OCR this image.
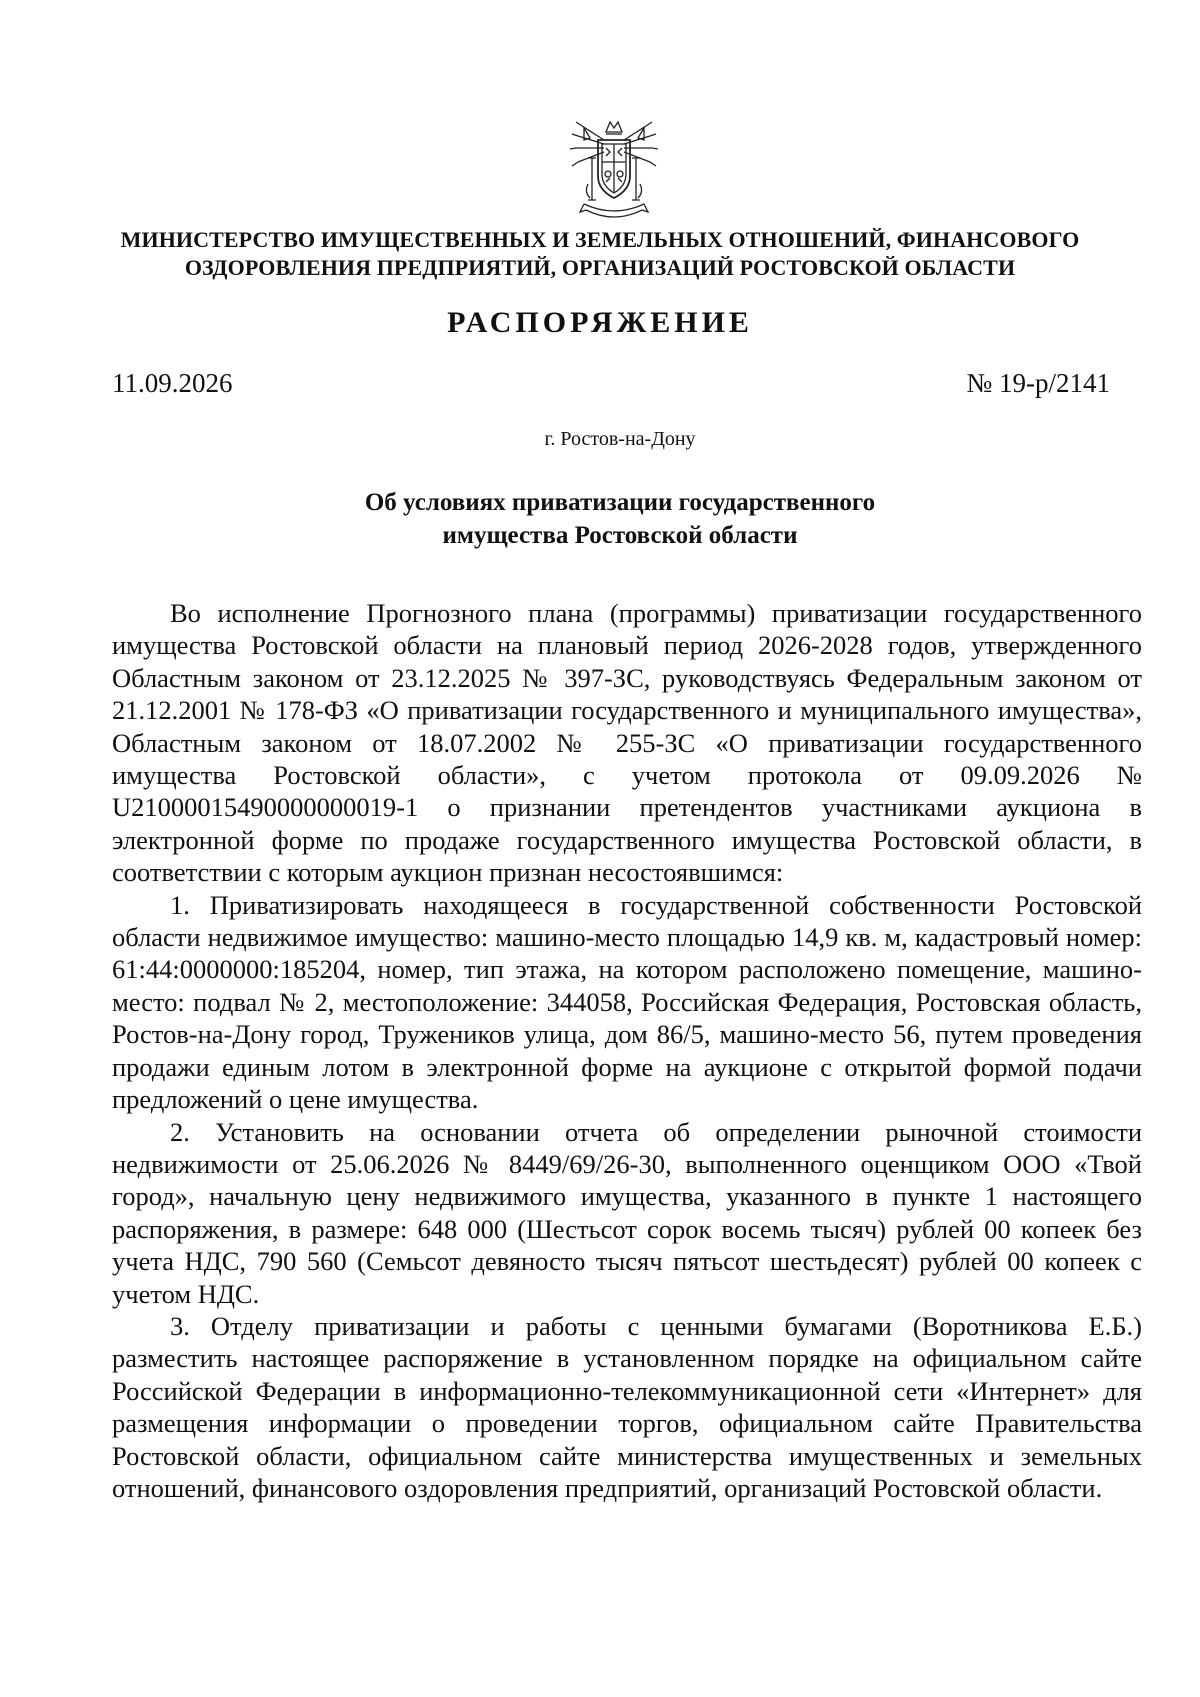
МИНИСТЕРСТВО ИМУЩЕСТВЕННЫХ И ЗЕМЕЛЬНЫХ ОТНОШЕНИЙ, ФИНАНСОВОГО
ОЗДОРОВЛЕНИЯ ПРЕДПРИЯТИЙ, ОРГАНИЗАЦИЙ РОСТОВСКОЙ ОБЛАСТИ
РАСПОРЯЖЕНИЕ
11.09.2026	№ 19-р/2141
г. Ростов-на-Дону
Об условиях приватизации государственного
имущества Ростовской области

Во исполнение Прогнозного плана (программы) приватизации государственного имущества Ростовской области на плановый период 2026-2028 годов, утвержденного Областным законом от 23.12.2025 № 397-ЗС, руководствуясь Федеральным законом от 21.12.2001 № 178-ФЗ «О приватизации государственного и муниципального имущества», Областным законом от 18.07.2002 № 255-ЗС «О приватизации государственного имущества Ростовской области», с учетом протокола от 09.09.2026 № U21000015490000000019-1 о признании претендентов участниками аукциона в электронной форме по продаже государственного имущества Ростовской области, в соответствии с которым аукцион признан несостоявшимся:

1. Приватизировать находящееся в государственной собственности Ростовской области недвижимое имущество: машино-место площадью 14,9 кв. м, кадастровый номер: 61:44:0000000:185204, номер, тип этажа, на котором расположено помещение, машино-место: подвал № 2, местоположение: 344058, Российская Федерация, Ростовская область, Ростов-на-Дону город, Тружеников улица, дом 86/5, машино-место 56, путем проведения продажи единым лотом в электронной форме на аукционе с открытой формой подачи предложений о цене имущества.

2. Установить на основании отчета об определении рыночной стоимости недвижимости от 25.06.2026 № 8449/69/26-30, выполненного оценщиком ООО «Твой город», начальную цену недвижимого имущества, указанного в пункте 1 настоящего распоряжения, в размере: 648 000 (Шестьсот сорок восемь тысяч) рублей 00 копеек без учета НДС, 790 560 (Семьсот девяносто тысяч пятьсот шестьдесят) рублей 00 копеек с учетом НДС.

3. Отделу приватизации и работы с ценными бумагами (Воротникова Е.Б.) разместить настоящее распоряжение в установленном порядке на официальном сайте Российской Федерации в информационно-телекоммуникационной сети «Интернет» для размещения информации о проведении торгов, официальном сайте Правительства Ростовской области, официальном сайте министерства имущественных и земельных отношений, финансового оздоровления предприятий, организаций Ростовской области.
